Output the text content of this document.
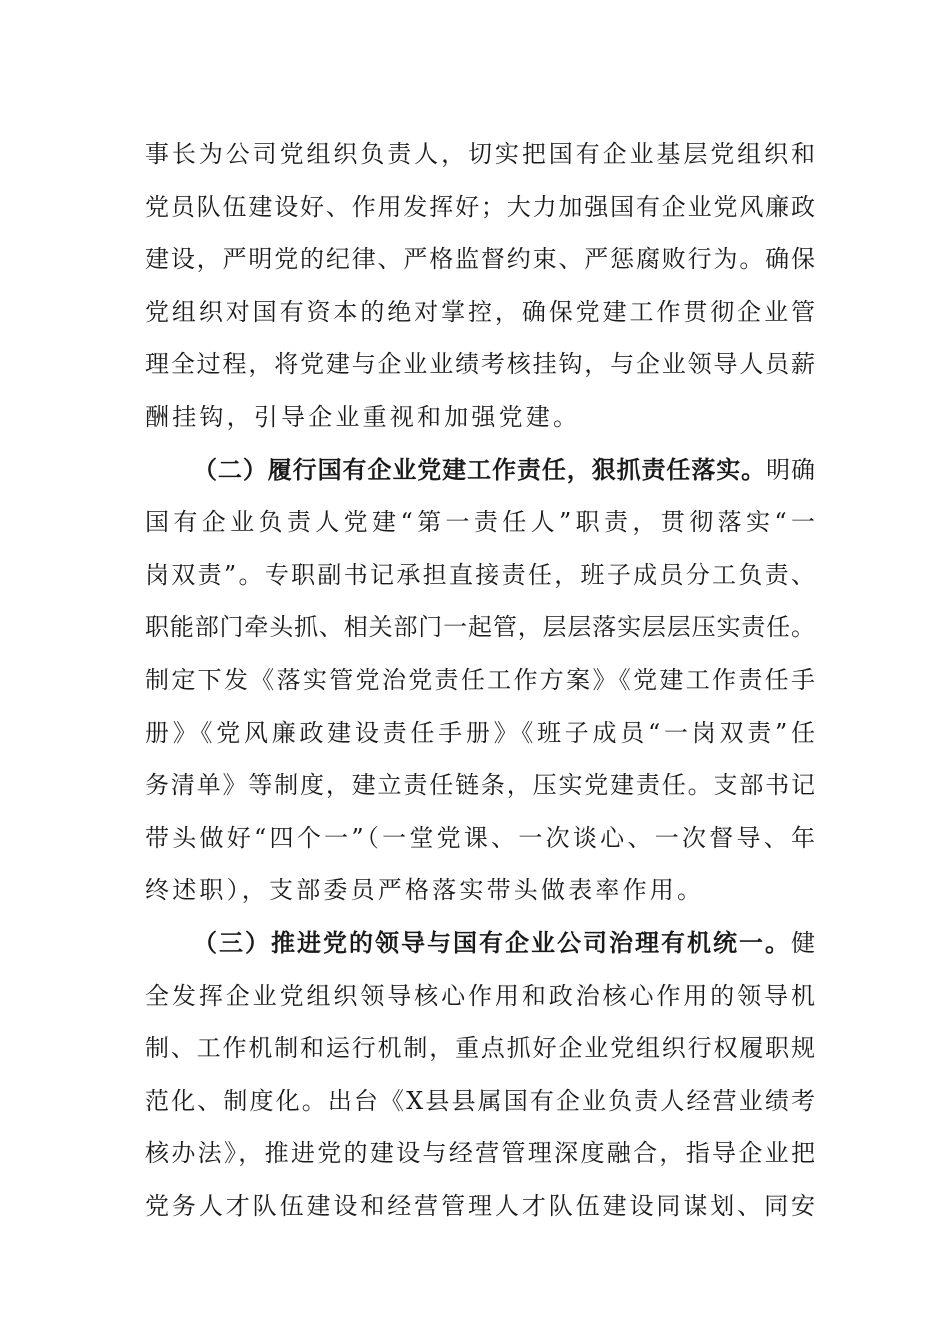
事长为公司党组织负责人，切实把国有企业基层党组织和
党员队伍建设好、作用发挥好；大力加强国有企业党风廉政
建设，严明党的纪律、严格监督约束、严惩腐败行为。确保
党组织对国有资本的绝对掌控，确保党建工作贯彻企业管
理全过程，将党建与企业业绩考核挂钩，与企业领导人员薪
酬挂钩，引导企业重视和加强党建。
（二）履行国有企业党建工作责任，狠抓责任落实。明确
国有企业负责人党建“第一责任人”职责，贯彻落实“一
岗双责”。专职副书记承担直接责任，班子成员分工负责、
职能部门牵头抓、相关部门一起管，层层落实层层压实责任。
制定下发《落实管党治党责任工作方案》《党建工作责任手
册》《党风廉政建设责任手册》《班子成员“一岗双责”任
务清单》等制度，建立责任链条，压实党建责任。支部书记
带头做好“四个一”（一堂党课、一次谈心、一次督导、年
终述职），支部委员严格落实带头做表率作用。
（三）推进党的领导与国有企业公司治理有机统一。健
全发挥企业党组织领导核心作用和政治核心作用的领导机
制、工作机制和运行机制，重点抓好企业党组织行权履职规
范化、制度化。出台《X县县属国有企业负责人经营业绩考
核办法》，推进党的建设与经营管理深度融合，指导企业把
党务人才队伍建设和经营管理人才队伍建设同谋划、同安
